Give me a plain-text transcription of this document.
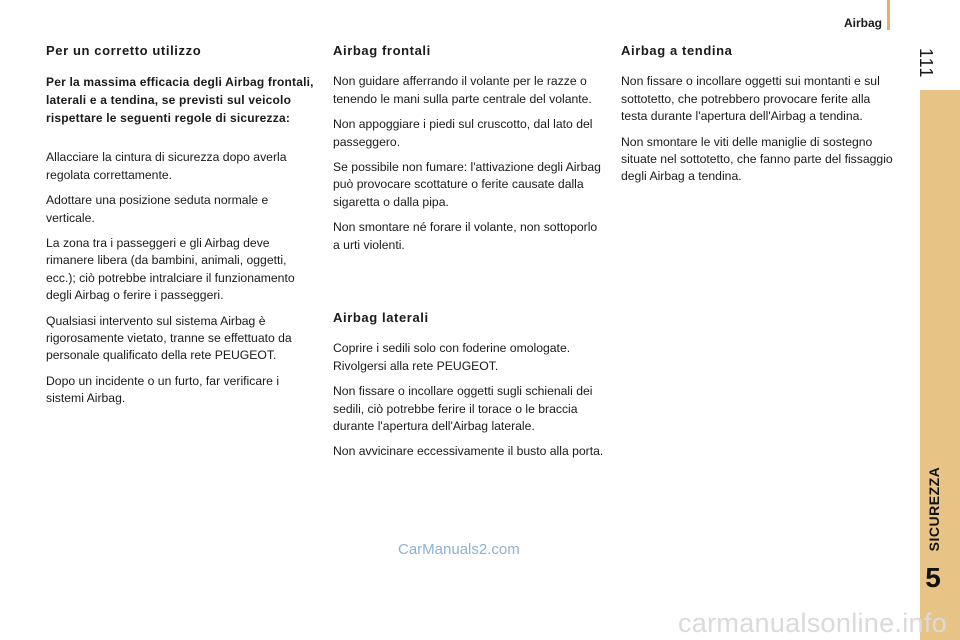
Airbag
111
SICUREZZA
5
Per un corretto utilizzo
Per la massima efficacia degli Airbag frontali, laterali e a tendina, se previsti sul veicolo rispettare le seguenti regole di sicurezza:

Allacciare la cintura di sicurezza dopo averla regolata correttamente.

Adottare una posizione seduta normale e verticale.

La zona tra i passeggeri e gli Airbag deve rimanere libera (da bambini, animali, oggetti, ecc.); ciò potrebbe intralciare il funzionamento degli Airbag o ferire i passeggeri.

Qualsiasi intervento sul sistema Airbag è rigorosamente vietato, tranne se effettuato da personale qualificato della rete PEUGEOT.

Dopo un incidente o un furto, far verificare i sistemi Airbag.

Airbag frontali

Non guidare afferrando il volante per le razze o tenendo le mani sulla parte centrale del volante.

Non appoggiare i piedi sul cruscotto, dal lato del passeggero.

Se possibile non fumare: l'attivazione degli Airbag può provocare scottature o ferite causate dalla sigaretta o dalla pipa.

Non smontare né forare il volante, non sottoporlo a urti violenti.

Airbag laterali

Coprire i sedili solo con foderine omologate. Rivolgersi alla rete PEUGEOT.

Non fissare o incollare oggetti sugli schienali dei sedili, ciò potrebbe ferire il torace o le braccia durante l'apertura dell'Airbag laterale.

Non avvicinare eccessivamente il busto alla porta.

Airbag a tendina

Non fissare o incollare oggetti sui montanti e sul sottotetto, che potrebbero provocare ferite alla testa durante l'apertura dell'Airbag a tendina.

Non smontare le viti delle maniglie di sostegno situate nel sottotetto, che fanno parte del fissaggio degli Airbag a tendina.

CarManuals2.com
carmanualsonline.info
